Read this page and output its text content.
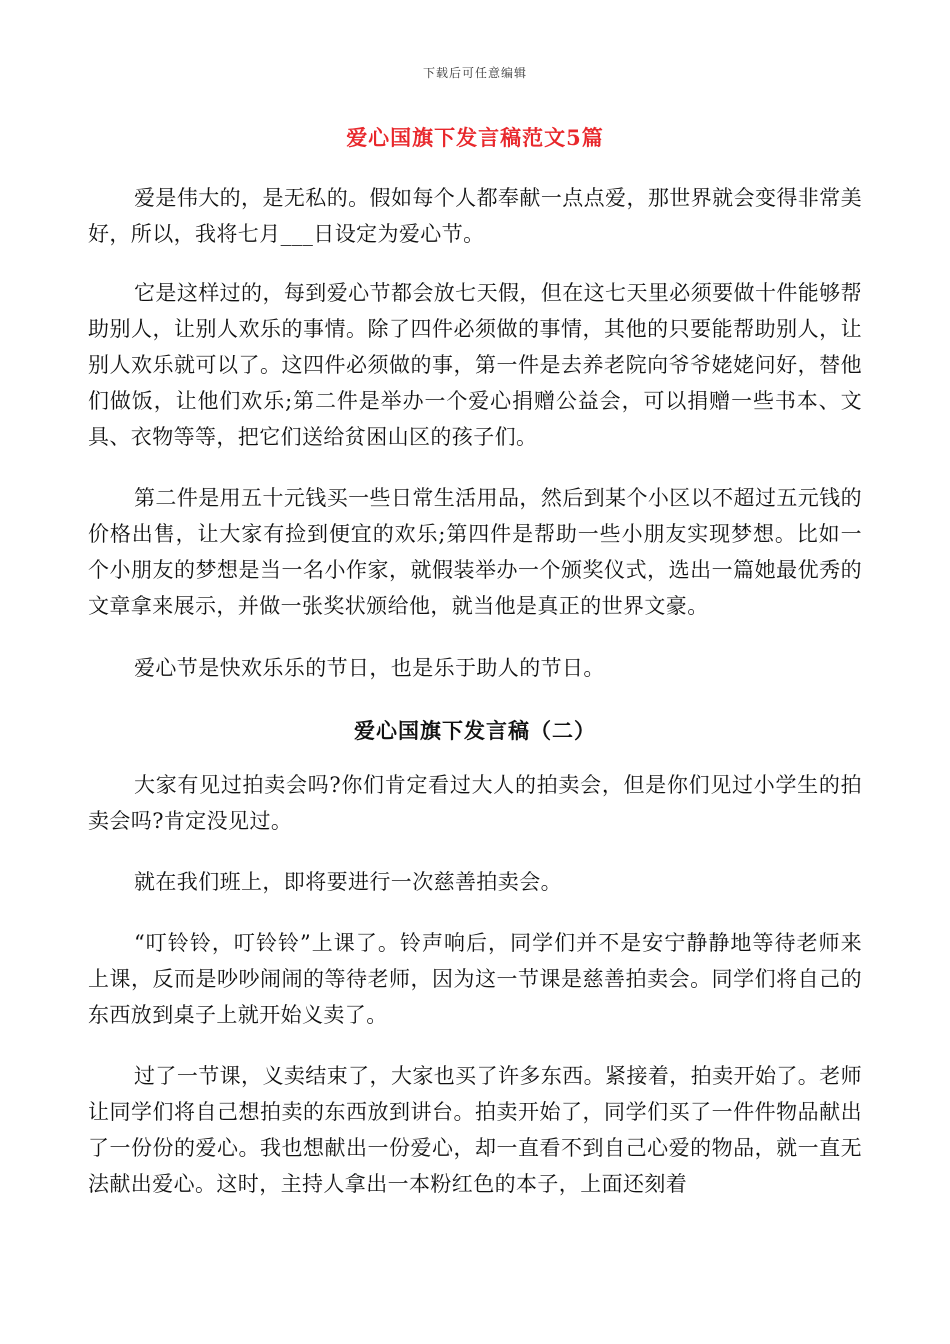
下载后可任意编辑
爱心国旗下发言稿范文5篇

爱是伟大的，是无私的。假如每个人都奉献一点点爱，那世界就会变得非常美好，所以，我将七月___日设定为爱心节。

它是这样过的，每到爱心节都会放七天假，但在这七天里必须要做十件能够帮助别人，让别人欢乐的事情。除了四件必须做的事情，其他的只要能帮助别人，让别人欢乐就可以了。这四件必须做的事，第一件是去养老院向爷爷姥姥问好，替他们做饭，让他们欢乐;第二件是举办一个爱心捐赠公益会，可以捐赠一些书本、文具、衣物等等，把它们送给贫困山区的孩子们。

第二件是用五十元钱买一些日常生活用品，然后到某个小区以不超过五元钱的价格出售，让大家有捡到便宜的欢乐;第四件是帮助一些小朋友实现梦想。比如一个小朋友的梦想是当一名小作家，就假装举办一个颁奖仪式，选出一篇她最优秀的文章拿来展示，并做一张奖状颁给他，就当他是真正的世界文豪。

爱心节是快欢乐乐的节日，也是乐于助人的节日。

爱心国旗下发言稿（二）

大家有见过拍卖会吗?你们肯定看过大人的拍卖会，但是你们见过小学生的拍卖会吗?肯定没见过。

就在我们班上，即将要进行一次慈善拍卖会。

“叮铃铃，叮铃铃”上课了。铃声响后，同学们并不是安宁静静地等待老师来上课，反而是吵吵闹闹的等待老师，因为这一节课是慈善拍卖会。同学们将自己的东西放到桌子上就开始义卖了。

过了一节课，义卖结束了，大家也买了许多东西。紧接着，拍卖开始了。老师让同学们将自己想拍卖的东西放到讲台。拍卖开始了，同学们买了一件件物品献出了一份份的爱心。我也想献出一份爱心，却一直看不到自己心爱的物品，就一直无法献出爱心。这时，主持人拿出一本粉红色的本子，上面还刻着
